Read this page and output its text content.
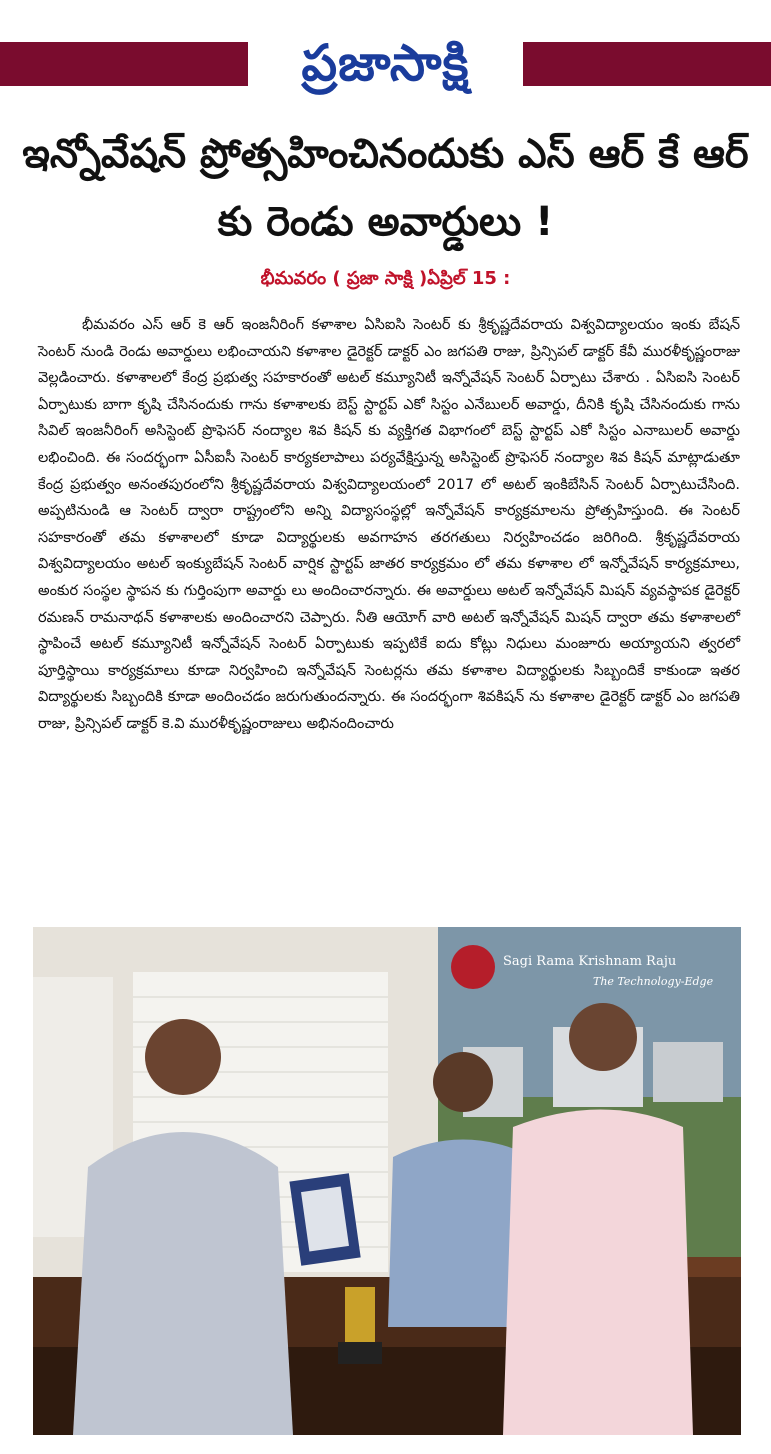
ప్రజాసాక్షి
ఇన్నోవేషన్ ప్రోత్సహించినందుకు ఎస్ ఆర్ కే ఆర్ కు రెండు అవార్డులు !
భీమవరం ( ప్రజా సాక్షి )ఏప్రిల్ 15 :
భీమవరం ఎస్ ఆర్ కె ఆర్ ఇంజనీరింగ్ కళాశాల ఏసిఐసి సెంటర్ కు శ్రీకృష్ణదేవరాయ విశ్వవిద్యాలయం ఇంకు బేషన్ సెంటర్ నుండి రెండు అవార్డులు లభించాయని కళాశాల డైరెక్టర్ డాక్టర్ ఎం జగపతి రాజు, ప్రిన్సిపల్ డాక్టర్ కేవీ మురళీకృష్ణంరాజు వెల్లడించారు. కళాశాలలో కేంద్ర ప్రభుత్వ సహకారంతో అటల్ కమ్యూనిటీ ఇన్నోవేషన్ సెంటర్ ఏర్పాటు చేశారు . ఏసిఐసి సెంటర్ ఏర్పాటుకు బాగా కృషి చేసినందుకు గాను కళాశాలకు బెస్ట్ స్టార్టప్ ఎకో సిస్టం ఎనేబులర్ అవార్డు, దీనికి కృషి చేసినందుకు గాను సివిల్ ఇంజనీరింగ్ అసిస్టెంట్ ప్రొఫెసర్ నంద్యాల శివ కిషన్ కు వ్యక్తిగత విభాగంలో బెస్ట్ స్టార్టప్ ఎకో సిస్టం ఎనాబులర్ అవార్డు లభించింది. ఈ సందర్భంగా ఏసీఐసీ సెంటర్ కార్యకలాపాలు పర్యవేక్షిస్తున్న అసిస్టెంట్ ప్రొఫెసర్ నంద్యాల శివ కిషన్ మాట్లాడుతూ కేంద్ర ప్రభుత్వం అనంతపురంలోని శ్రీకృష్ణదేవరాయ విశ్వవిద్యాలయంలో 2017 లో అటల్ ఇంకిబేసిన్ సెంటర్ ఏర్పాటుచేసింది. అప్పటినుండి ఆ సెంటర్ ద్వారా రాష్ట్రంలోని అన్ని విద్యాసంస్థల్లో ఇన్నోవేషన్ కార్యక్రమాలను ప్రోత్సహిస్తుంది. ఈ సెంటర్ సహకారంతో తమ కళాశాలలో కూడా విద్యార్థులకు అవగాహన తరగతులు నిర్వహించడం జరిగింది. శ్రీకృష్ణదేవరాయ విశ్వవిద్యాలయం అటల్ ఇంక్యుబేషన్ సెంటర్ వార్షిక స్టార్టప్ జాతర కార్యక్రమం లో తమ కళాశాల లో ఇన్నోవేషన్ కార్యక్రమాలు, అంకుర సంస్థల స్థాపన కు గుర్తింపుగా అవార్డు లు అందించారన్నారు. ఈ అవార్డులు అటల్ ఇన్నోవేషన్ మిషన్ వ్యవస్థాపక డైరెక్టర్ రమణన్ రామనాథన్ కళాశాలకు అందించారని చెప్పారు. నీతి ఆయోగ్ వారి అటల్ ఇన్నోవేషన్ మిషన్ ద్వారా తమ కళాశాలలో స్థాపించే అటల్ కమ్యూనిటీ ఇన్నోవేషన్ సెంటర్ ఏర్పాటుకు ఇప్పటికే ఐదు కోట్లు నిధులు మంజూరు అయ్యాయని త్వరలో పూర్తిస్థాయి కార్యక్రమాలు కూడా నిర్వహించి ఇన్నోవేషన్ సెంటర్లను తమ కళాశాల విద్యార్థులకు సిబ్బందికే కాకుండా ఇతర విద్యార్థులకు సిబ్బందికి కూడా అందించడం జరుగుతుందన్నారు. ఈ సందర్భంగా శివకిషన్ ను కళాశాల డైరెక్టర్ డాక్టర్ ఎం జగపతి రాజు, ప్రిన్సిపల్ డాక్టర్ కె.వి మురళీకృష్ణంరాజులు అభినందించారు
Sagi Rama Krishnam Raju
The Technology-Edge
